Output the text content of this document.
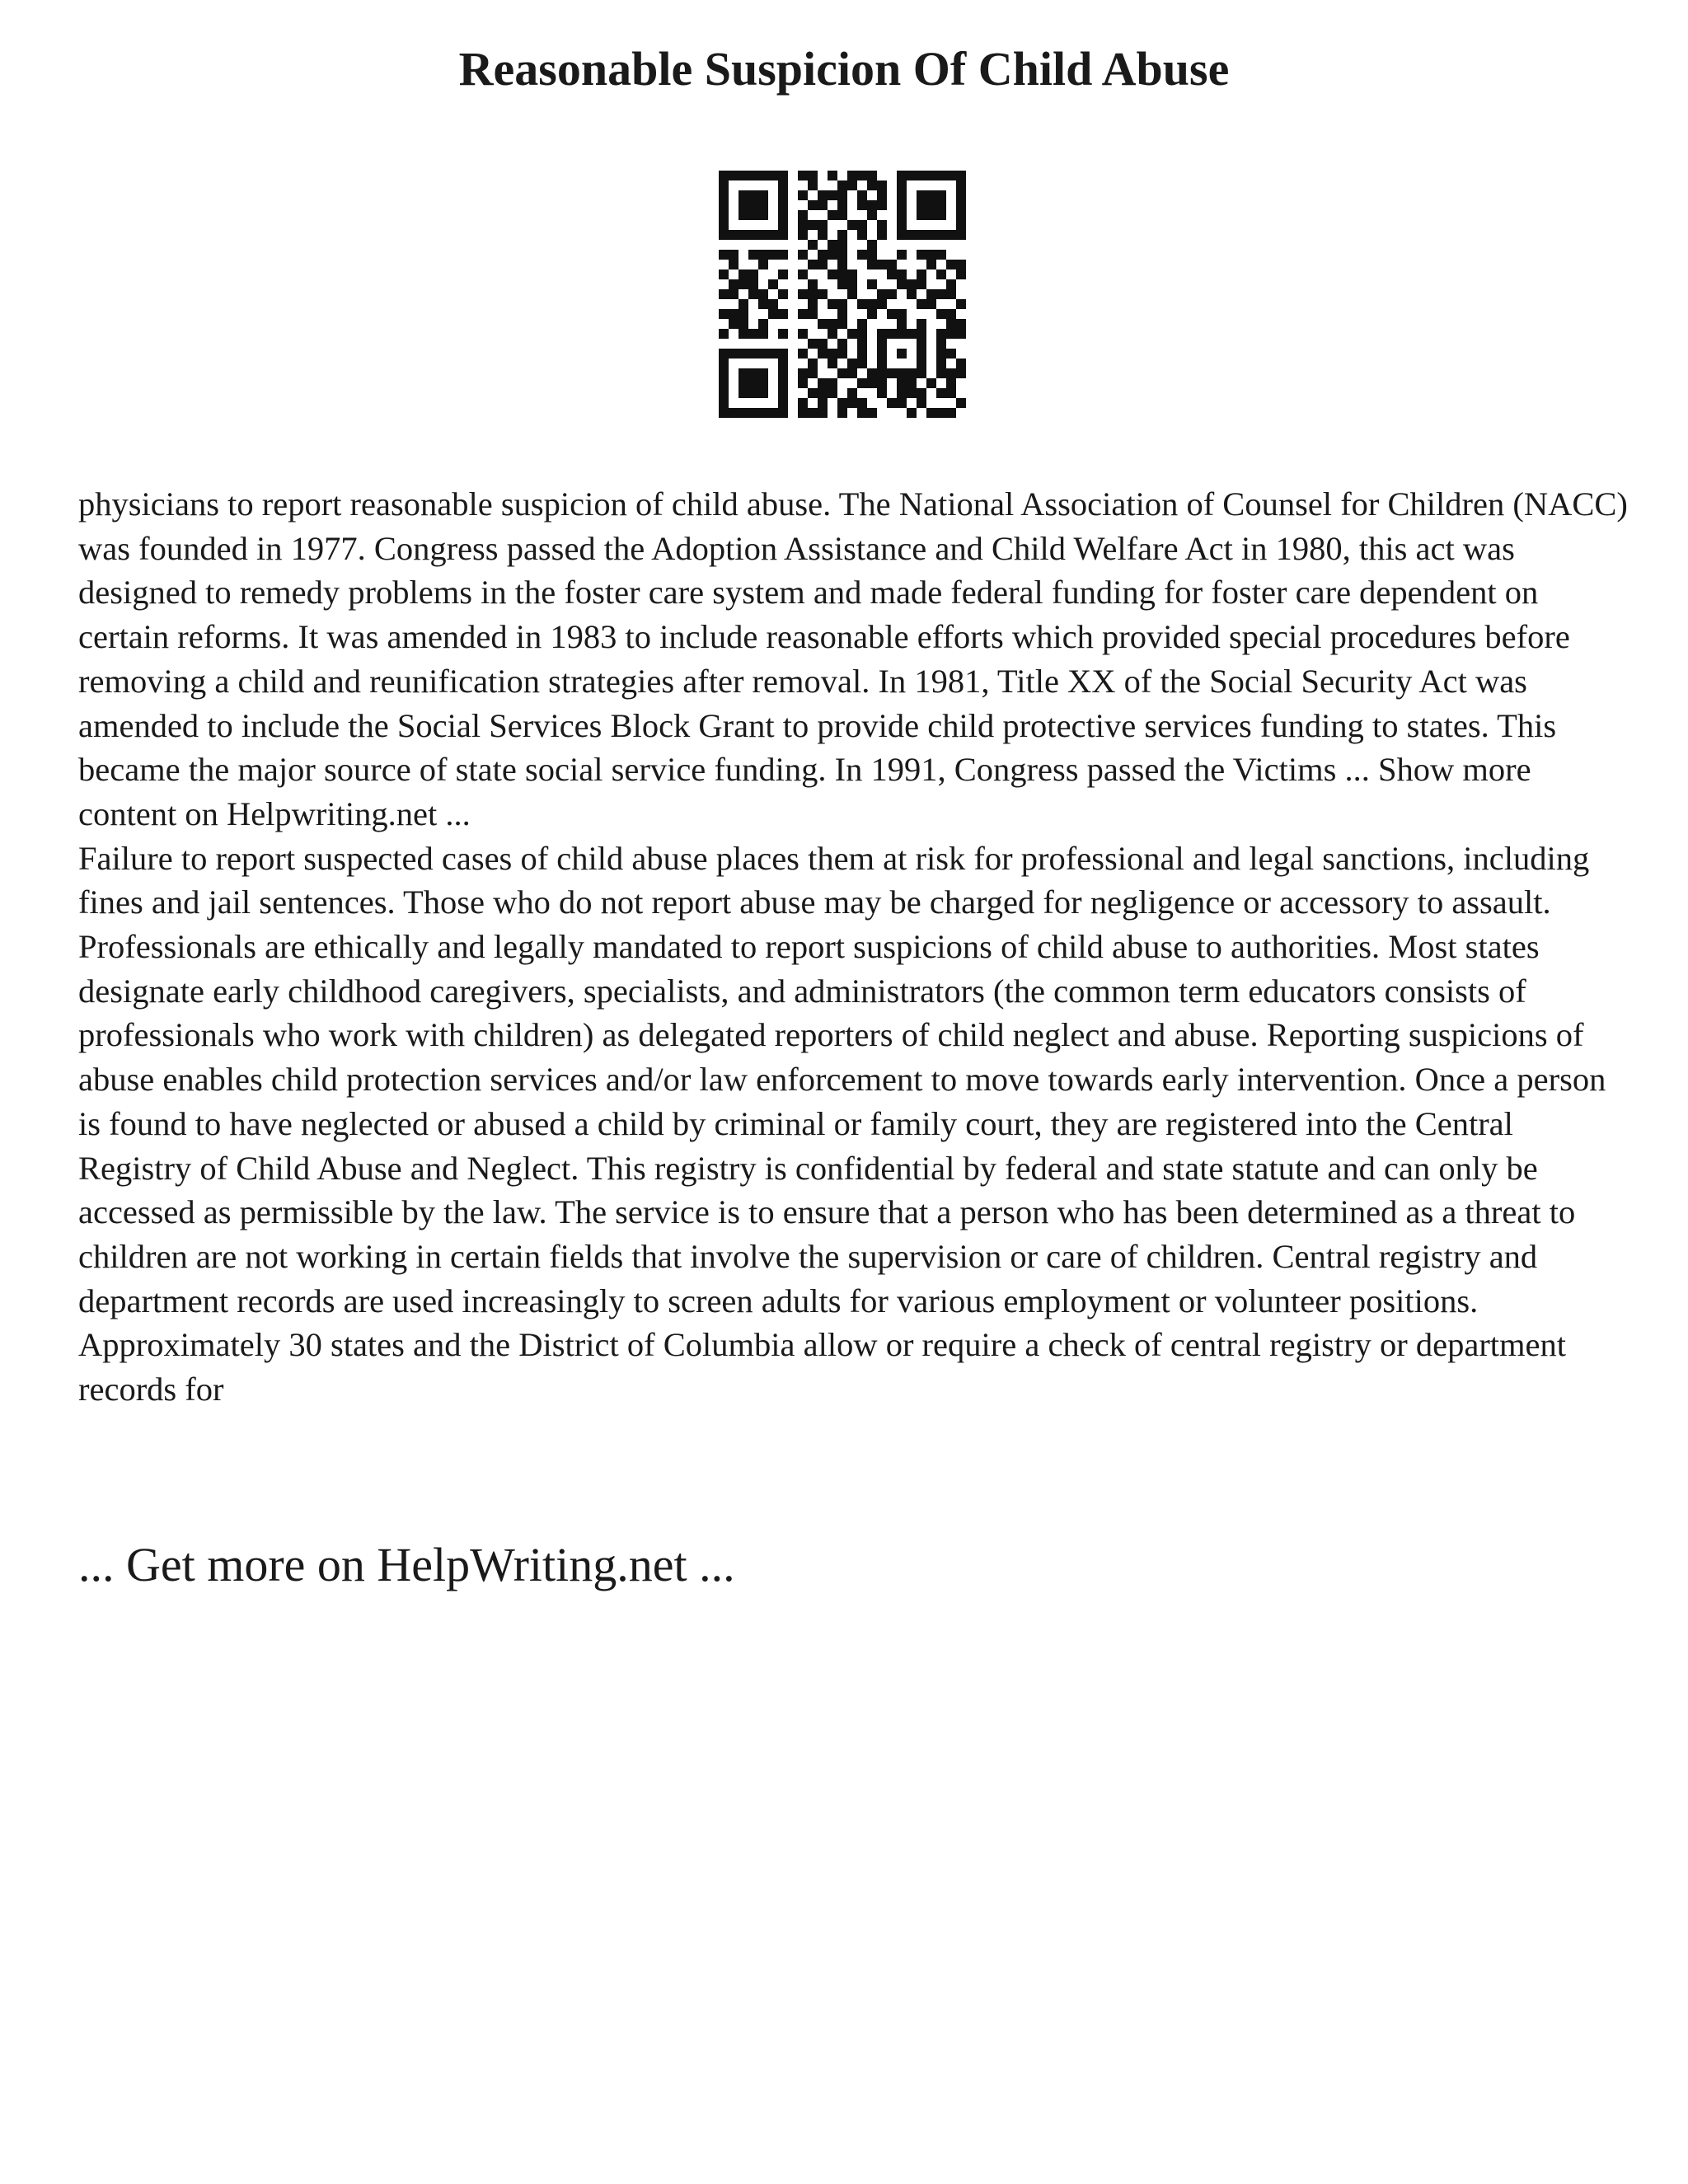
Reasonable Suspicion Of Child Abuse

physicians to report reasonable suspicion of child abuse. The National Association of Counsel for Children (NACC) was founded in 1977. Congress passed the Adoption Assistance and Child Welfare Act in 1980, this act was designed to remedy problems in the foster care system and made federal funding for foster care dependent on certain reforms. It was amended in 1983 to include reasonable efforts which provided special procedures before removing a child and reunification strategies after removal. In 1981, Title XX of the Social Security Act was amended to include the Social Services Block Grant to provide child protective services funding to states. This became the major source of state social service funding. In 1991, Congress passed the Victims ... Show more content on Helpwriting.net ...

Failure to report suspected cases of child abuse places them at risk for professional and legal sanctions, including fines and jail sentences. Those who do not report abuse may be charged for negligence or accessory to assault. Professionals are ethically and legally mandated to report suspicions of child abuse to authorities. Most states designate early childhood caregivers, specialists, and administrators (the common term educators consists of professionals who work with children) as delegated reporters of child neglect and abuse. Reporting suspicions of abuse enables child protection services and/or law enforcement to move towards early intervention. Once a person is found to have neglected or abused a child by criminal or family court, they are registered into the Central Registry of Child Abuse and Neglect. This registry is confidential by federal and state statute and can only be accessed as permissible by the law. The service is to ensure that a person who has been determined as a threat to children are not working in certain fields that involve the supervision or care of children. Central registry and department records are used increasingly to screen adults for various employment or volunteer positions. Approximately 30 states and the District of Columbia allow or require a check of central registry or department records for

... Get more on HelpWriting.net ...
